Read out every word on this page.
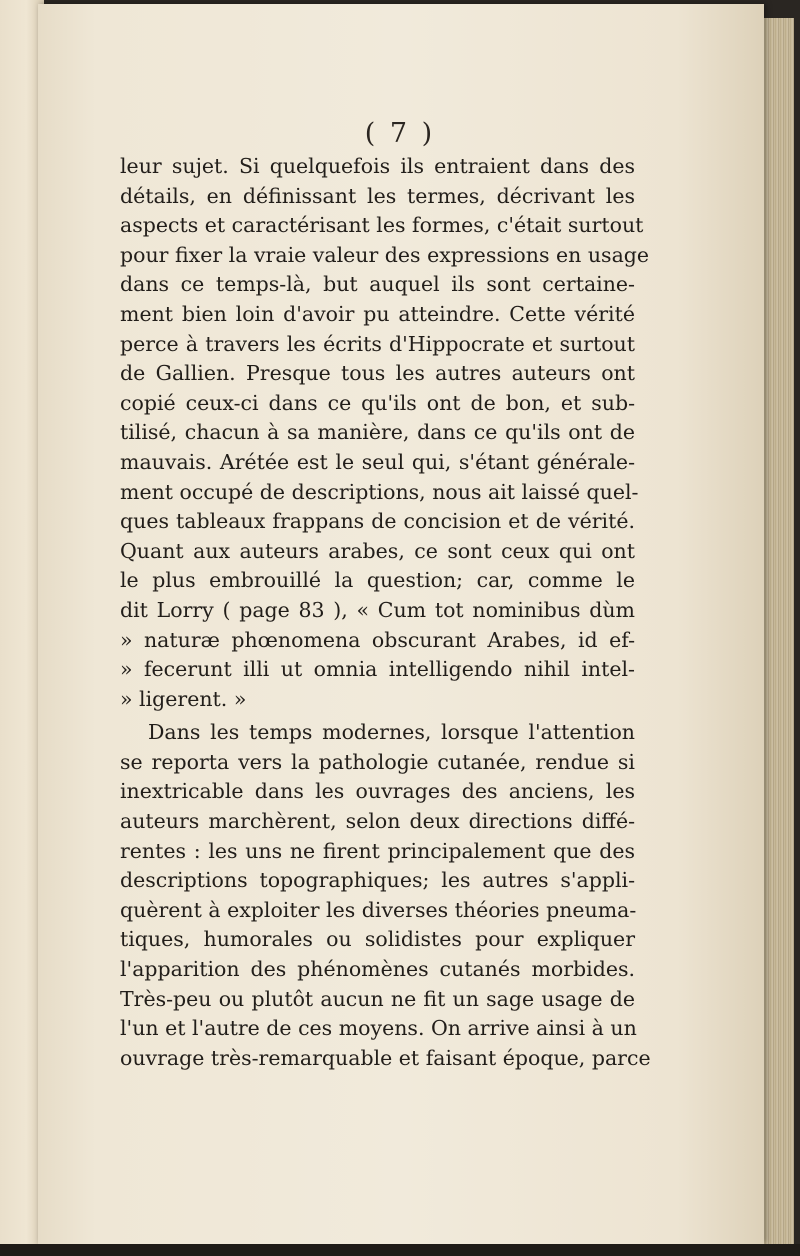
( 7 )
leur sujet. Si quelquefois ils entraient dans des
détails, en définissant les termes, décrivant les
aspects et caractérisant les formes, c'était surtout
pour fixer la vraie valeur des expressions en usage
dans ce temps-là, but auquel ils sont certaine-
ment bien loin d'avoir pu atteindre. Cette vérité
perce à travers les écrits d'Hippocrate et surtout
de Gallien. Presque tous les autres auteurs ont
copié ceux-ci dans ce qu'ils ont de bon, et sub-
tilisé, chacun à sa manière, dans ce qu'ils ont de
mauvais. Arétée est le seul qui, s'étant générale-
ment occupé de descriptions, nous ait laissé quel-
ques tableaux frappans de concision et de vérité.
Quant aux auteurs arabes, ce sont ceux qui ont
le plus embrouillé la question; car, comme le
dit Lorry ( page 83 ), « Cum tot nominibus dùm
» naturæ phœnomena obscurant Arabes, id ef-
» fecerunt illi ut omnia intelligendo nihil intel-
» ligerent. »
Dans les temps modernes, lorsque l'attention
se reporta vers la pathologie cutanée, rendue si
inextricable dans les ouvrages des anciens, les
auteurs marchèrent, selon deux directions diffé-
rentes : les uns ne firent principalement que des
descriptions topographiques; les autres s'appli-
quèrent à exploiter les diverses théories pneuma-
tiques, humorales ou solidistes pour expliquer
l'apparition des phénomènes cutanés morbides.
Très-peu ou plutôt aucun ne fit un sage usage de
l'un et l'autre de ces moyens. On arrive ainsi à un
ouvrage très-remarquable et faisant époque, parce
